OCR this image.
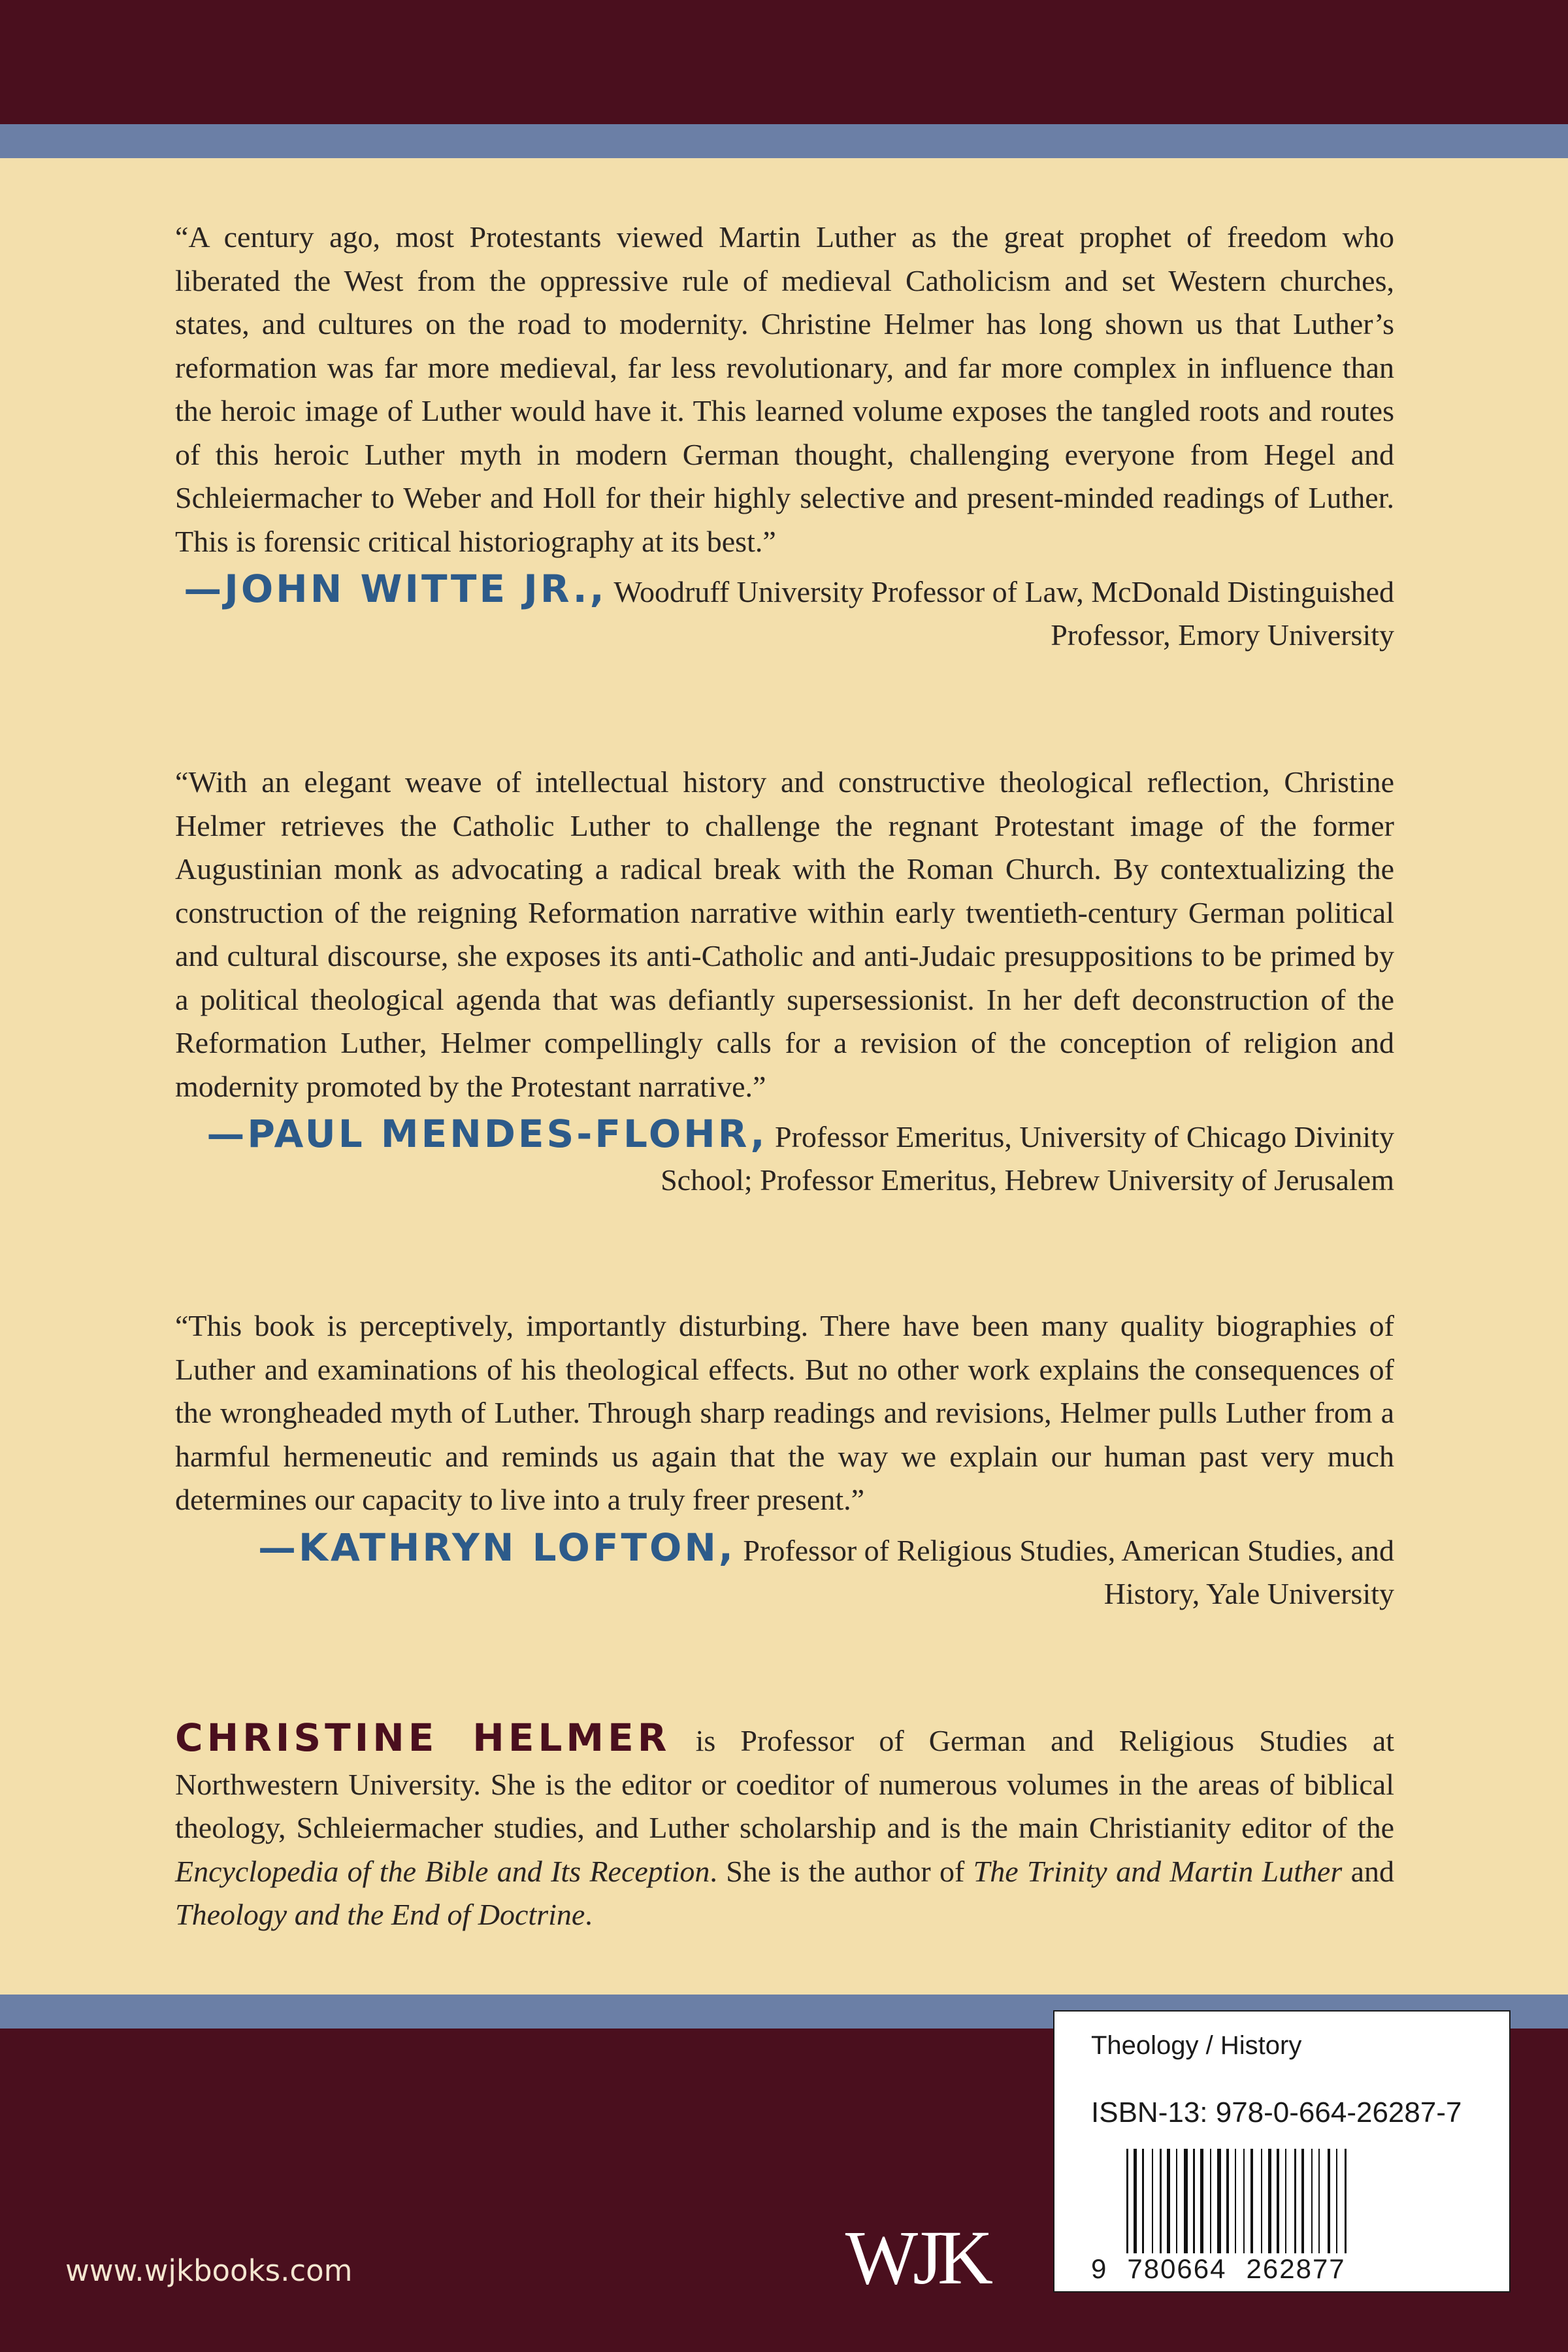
“A century ago, most Protestants viewed Martin Luther as the great prophet of freedom who liberated the West from the oppressive rule of medieval Catholicism and set Western churches, states, and cultures on the road to modernity. Christine Helmer has long shown us that Luther’s reformation was far more medieval, far less revolutionary, and far more complex in influence than the heroic image of Luther would have it. This learned volume exposes the tangled roots and routes of this heroic Luther myth in modern German thought, challenging everyone from Hegel and Schleiermacher to Weber and Holl for their highly selective and present-minded readings of Luther. This is forensic critical historiography at its best.”

—JOHN WITTE JR., Woodruff University Professor of Law, McDonald Distinguished Professor, Emory University

“With an elegant weave of intellectual history and constructive theological reflection, Christine Helmer retrieves the Catholic Luther to challenge the regnant Protestant image of the former Augustinian monk as advocating a radical break with the Roman Church. By contextualizing the construction of the reigning Reformation narrative within early twentieth-century German political and cultural discourse, she exposes its anti-Catholic and anti-Judaic presuppositions to be primed by a political theological agenda that was defiantly supersessionist. In her deft deconstruction of the Reformation Luther, Helmer compellingly calls for a revision of the conception of religion and modernity promoted by the Protestant narrative.”

—PAUL MENDES-FLOHR, Professor Emeritus, University of Chicago Divinity School; Professor Emeritus, Hebrew University of Jerusalem

“This book is perceptively, importantly disturbing. There have been many quality biographies of Luther and examinations of his theological effects. But no other work explains the consequences of the wrongheaded myth of Luther. Through sharp readings and revisions, Helmer pulls Luther from a harmful hermeneutic and reminds us again that the way we explain our human past very much determines our capacity to live into a truly freer present.”

—KATHRYN LOFTON, Professor of Religious Studies, American Studies, and History, Yale University

CHRISTINE HELMER is Professor of German and Religious Studies at Northwestern University. She is the editor or coeditor of numerous volumes in the areas of biblical theology, Schleiermacher studies, and Luther scholarship and is the main Christianity editor of the Encyclopedia of the Bible and Its Reception. She is the author of The Trinity and Martin Luther and Theology and the End of Doctrine.

www.wjkbooks.com	WJK
Theology / History
ISBN-13: 978-0-664-26287-7
9 780664 262877
